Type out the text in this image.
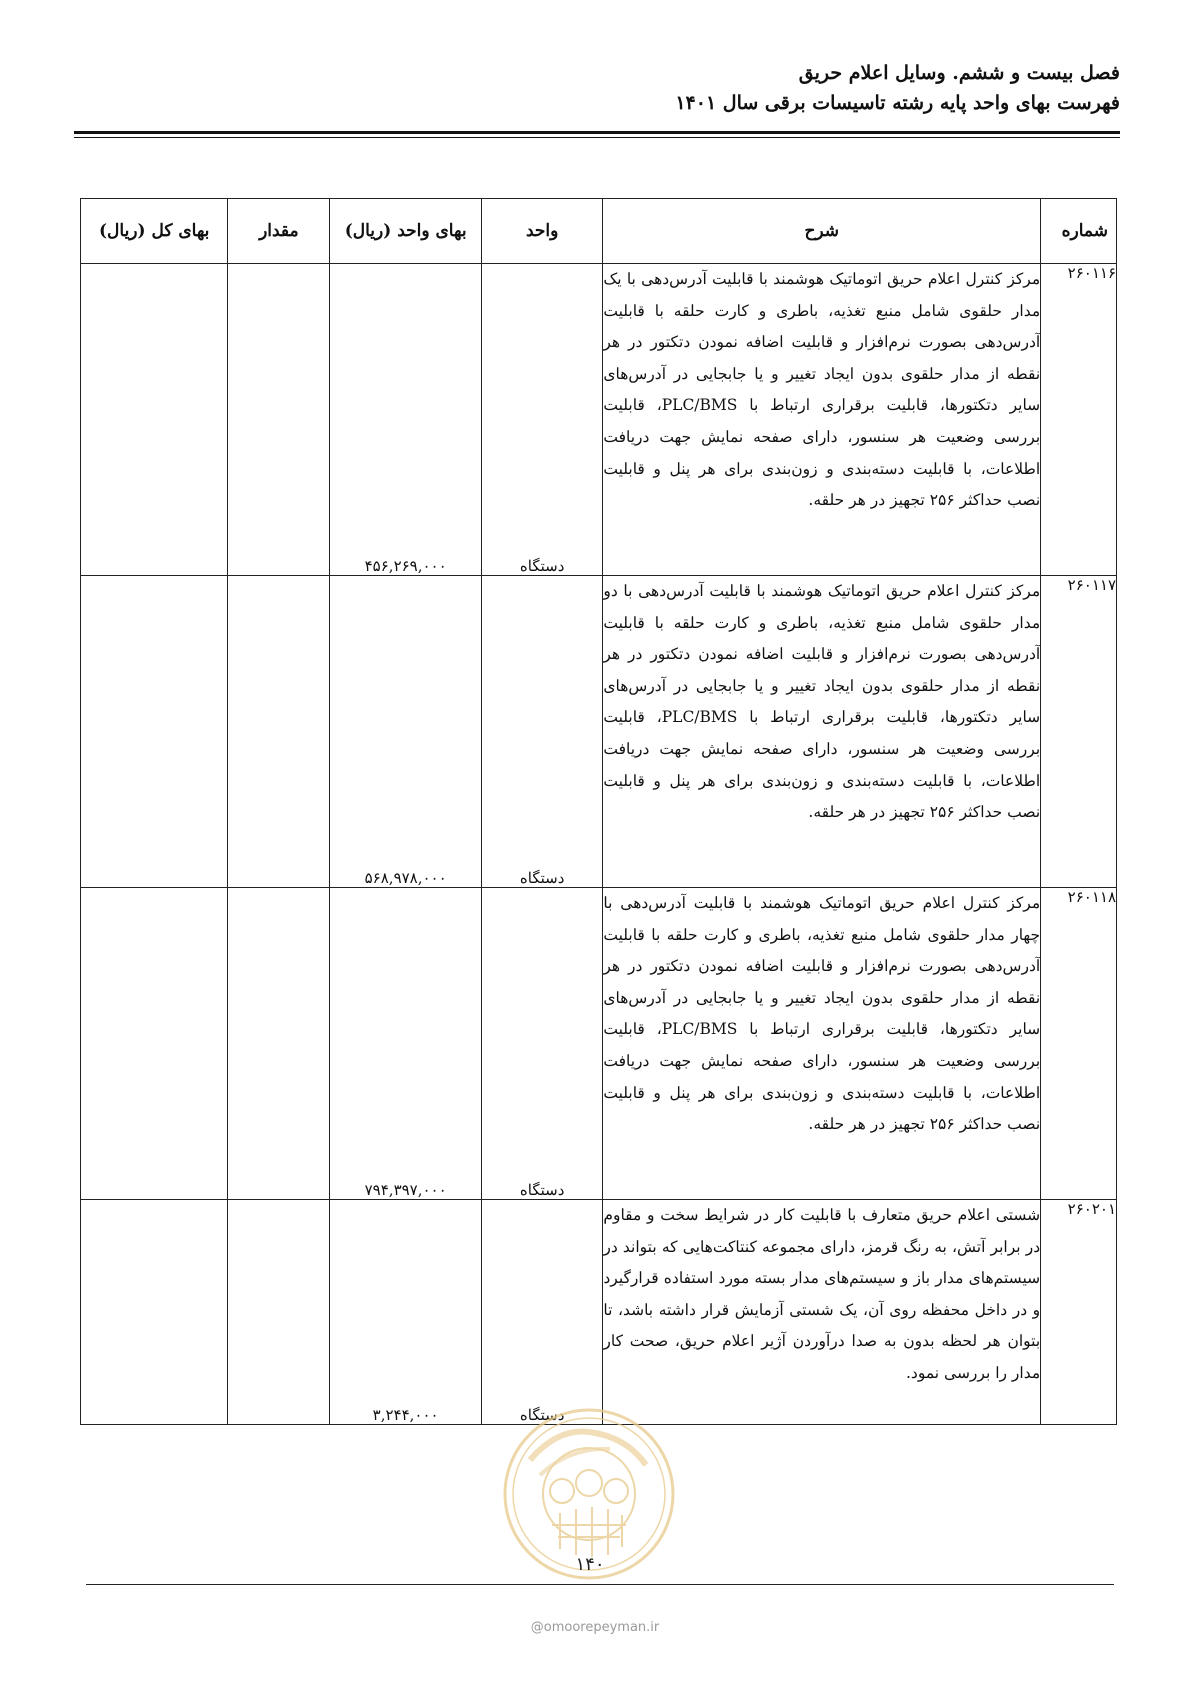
فصل بیست و ششم. وسایل اعلام حریق
فهرست بهای واحد پایه رشته تاسیسات برقی سال ۱۴۰۱
شماره	شرح	واحد	بهای واحد (ریال)	مقدار	بهای کل (ریال)
۲۶۰۱۱۶	مرکز کنترل اعلام حریق اتوماتیک هوشمند با قابلیت آدرس‌دهی با یک مدار حلقوی شامل منبع تغذیه، باطری و کارت حلقه با قابلیت آدرس‌دهی بصورت نرم‌افزار و قابلیت اضافه نمودن دتکتور در هر نقطه از مدار حلقوی بدون ایجاد تغییر و یا جابجایی در آدرس‌های سایر دتکتورها، قابلیت برقراری ارتباط با PLC/BMS، قابلیت بررسی وضعیت هر سنسور، دارای صفحه نمایش جهت دریافت اطلاعات، با قابلیت دسته‌بندی و زون‌بندی برای هر پنل و قابلیت نصب حداکثر ۲۵۶ تجهیز در هر حلقه.	دستگاه	۴۵۶,۲۶۹,۰۰۰		
۲۶۰۱۱۷	مرکز کنترل اعلام حریق اتوماتیک هوشمند با قابلیت آدرس‌دهی با دو مدار حلقوی شامل منبع تغذیه، باطری و کارت حلقه با قابلیت آدرس‌دهی بصورت نرم‌افزار و قابلیت اضافه نمودن دتکتور در هر نقطه از مدار حلقوی بدون ایجاد تغییر و یا جابجایی در آدرس‌های سایر دتکتورها، قابلیت برقراری ارتباط با PLC/BMS، قابلیت بررسی وضعیت هر سنسور، دارای صفحه نمایش جهت دریافت اطلاعات، با قابلیت دسته‌بندی و زون‌بندی برای هر پنل و قابلیت نصب حداکثر ۲۵۶ تجهیز در هر حلقه.	دستگاه	۵۶۸,۹۷۸,۰۰۰		
۲۶۰۱۱۸	مرکز کنترل اعلام حریق اتوماتیک هوشمند با قابلیت آدرس‌دهی با چهار مدار حلقوی شامل منبع تغذیه، باطری و کارت حلقه با قابلیت آدرس‌دهی بصورت نرم‌افزار و قابلیت اضافه نمودن دتکتور در هر نقطه از مدار حلقوی بدون ایجاد تغییر و یا جابجایی در آدرس‌های سایر دتکتورها، قابلیت برقراری ارتباط با PLC/BMS، قابلیت بررسی وضعیت هر سنسور، دارای صفحه نمایش جهت دریافت اطلاعات، با قابلیت دسته‌بندی و زون‌بندی برای هر پنل و قابلیت نصب حداکثر ۲۵۶ تجهیز در هر حلقه.	دستگاه	۷۹۴,۳۹۷,۰۰۰		
۲۶۰۲۰۱	شستی اعلام حریق متعارف با قابلیت کار در شرایط سخت و مقاوم در برابر آتش، به رنگ قرمز، دارای مجموعه کنتاکت‌هایی که بتواند در سیستم‌های مدار باز و سیستم‌های مدار بسته مورد استفاده قرارگیرد و در داخل محفظه روی آن، یک شستی آزمایش قرار داشته باشد، تا بتوان هر لحظه بدون به صدا درآوردن آژیر اعلام حریق، صحت کار مدار را بررسی نمود.	دستگاه	۳,۲۴۴,۰۰۰		
۱۴۰
@omoorepeyman.ir
